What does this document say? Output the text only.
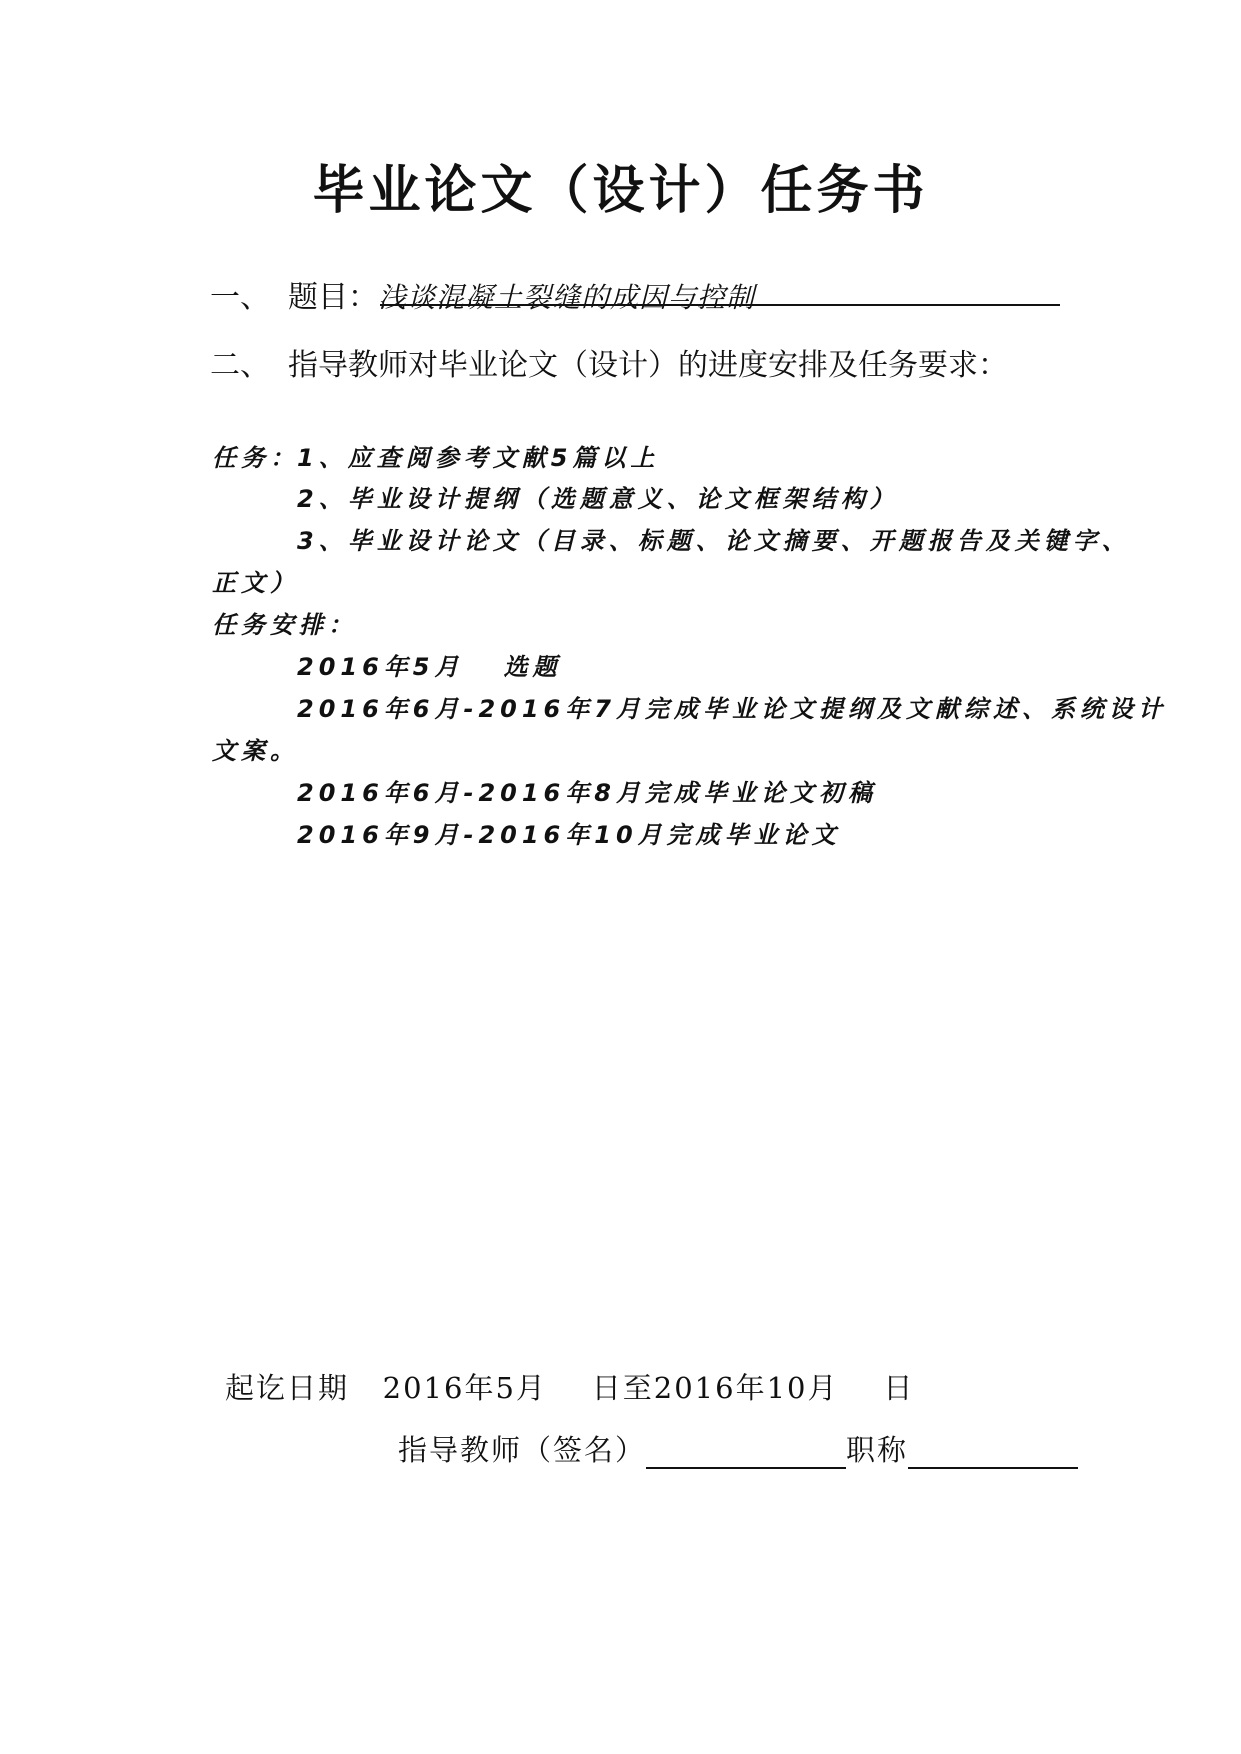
毕业论文（设计）任务书
一、 题目：浅谈混凝土裂缝的成因与控制
二、 指导教师对毕业论文（设计）的进度安排及任务要求：
任务：
1、应查阅参考文献5篇以上
2、毕业设计提纲（选题意义、论文框架结构）
3、毕业设计论文（目录、标题、论文摘要、开题报告及关键字、
正文）
任务安排：
2016年5月   选题
2016年6月-2016年7月完成毕业论文提纲及文献综述、系统设计
文案。
2016年6月-2016年8月完成毕业论文初稿
2016年9月-2016年10月完成毕业论文
起讫日期   2016年5月    日至2016年10月    日
指导教师（签名）	职称
